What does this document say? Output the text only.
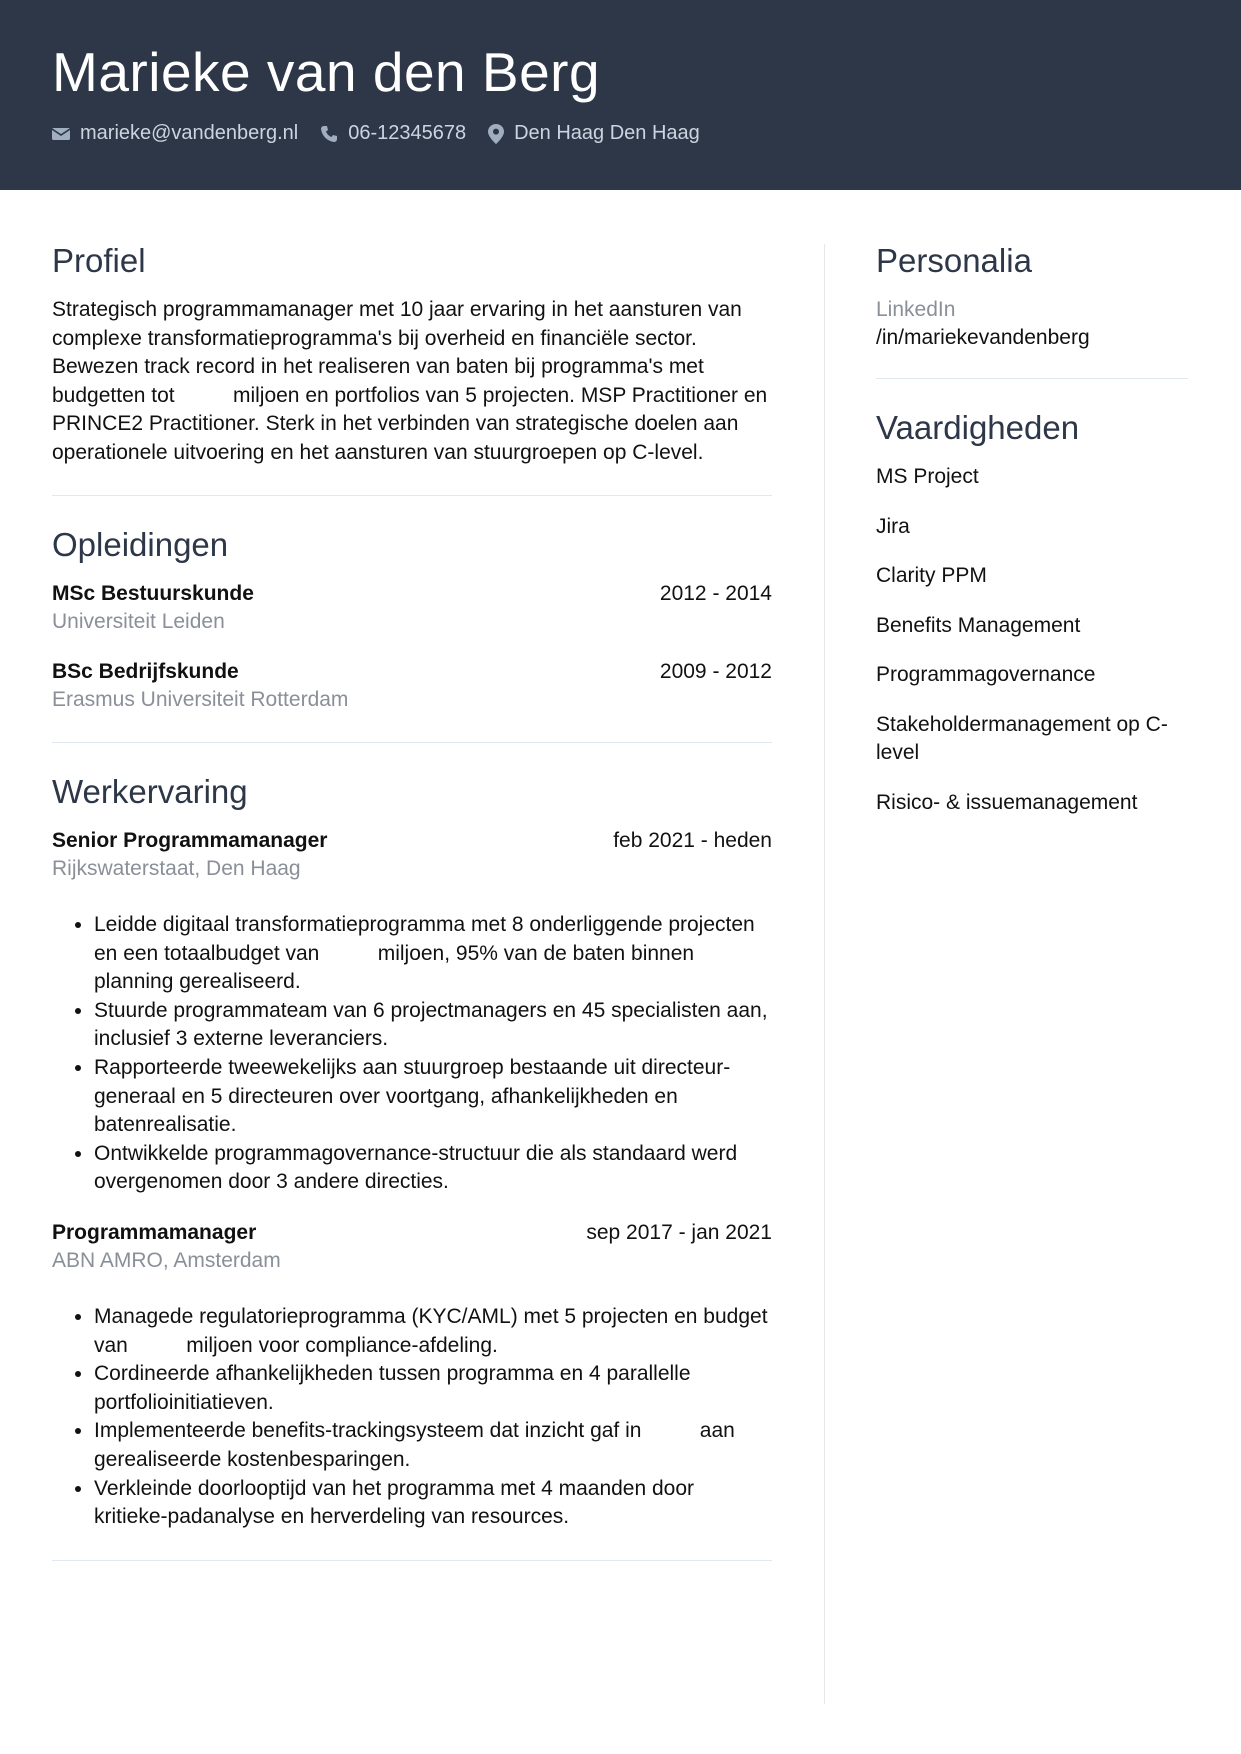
Marieke van den Berg
marieke@vandenberg.nl	06-12345678 Den Haag Den Haag
Profiel
Strategisch programmamanager met 10 jaar ervaring in het aansturen van complexe transformatieprogramma's bij overheid en financiële sector. Bewezen track record in het realiseren van baten bij programma's met budgetten tot          miljoen en portfolios van 5 projecten. MSP Practitioner en PRINCE2 Practitioner. Sterk in het verbinden van strategische doelen aan operationele uitvoering en het aansturen van stuurgroepen op C-level.
Opleidingen
MSc Bestuurskunde	2012 - 2014
Universiteit Leiden
BSc Bedrijfskunde	2009 - 2012
Erasmus Universiteit Rotterdam
Werkervaring
Senior Programmamanager	feb 2021 - heden
Rijkswaterstaat, Den Haag
• Leidde digitaal transformatieprogramma met 8 onderliggende projecten en een totaalbudget van          miljoen, 95% van de baten binnen planning gerealiseerd.
• Stuurde programmateam van 6 projectmanagers en 45 specialisten aan, inclusief 3 externe leveranciers.
• Rapporteerde tweewekelijks aan stuurgroep bestaande uit directeur-generaal en 5 directeuren over voortgang, afhankelijkheden en batenrealisatie.
• Ontwikkelde programmagovernance-structuur die als standaard werd overgenomen door 3 andere directies.
Programmamanager	sep 2017 - jan 2021
ABN AMRO, Amsterdam
• Managede regulatorieprogramma (KYC/AML) met 5 projecten en budget van          miljoen voor compliance-afdeling.
• Cordineerde afhankelijkheden tussen programma en 4 parallelle portfolioinitiatieven.
• Implementeerde benefits-trackingsysteem dat inzicht gaf in          aan gerealiseerde kostenbesparingen.
• Verkleinde doorlooptijd van het programma met 4 maanden door kritieke-padanalyse en herverdeling van resources.
Personalia
LinkedIn
/in/mariekevandenberg
Vaardigheden
MS Project
Jira
Clarity PPM
Benefits Management
Programmagovernance
Stakeholdermanagement op C-level
Risico- & issuemanagement
